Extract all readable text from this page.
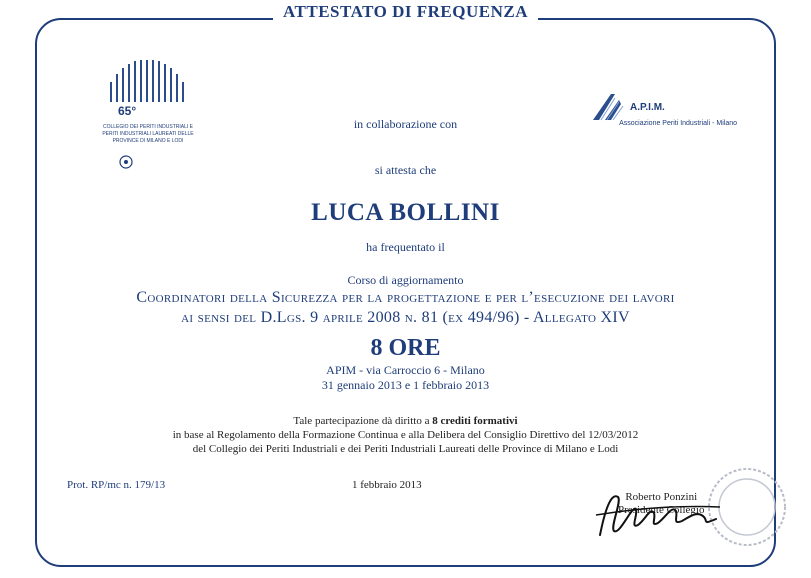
ATTESTATO DI FREQUENZA
65°
COLLEGIO DEI PERITI INDUSTRIALI E PERITI INDUSTRIALI LAUREATI DELLE PROVINCE DI MILANO E LODI
A.P.I.M.
Associazione Periti Industriali - Milano
in collaborazione con
si attesta che
LUCA BOLLINI
ha frequentato il
Corso di aggiornamento
Coordinatori della Sicurezza per la progettazione e per l’esecuzione dei lavori
ai sensi del D.Lgs. 9 aprile 2008 n. 81 (ex 494/96) - Allegato XIV
8 ORE
APIM - via Carroccio 6 - Milano
31 gennaio 2013 e 1 febbraio 2013
Tale partecipazione dà diritto a 8 crediti formativi
in base al Regolamento della Formazione Continua e alla Delibera del Consiglio Direttivo del 12/03/2012
del Collegio dei Periti Industriali e dei Periti Industriali Laureati delle Province di Milano e Lodi
Prot. RP/mc n. 179/13	1 febbraio 2013
Roberto Ponzini
Presidente Collegio
